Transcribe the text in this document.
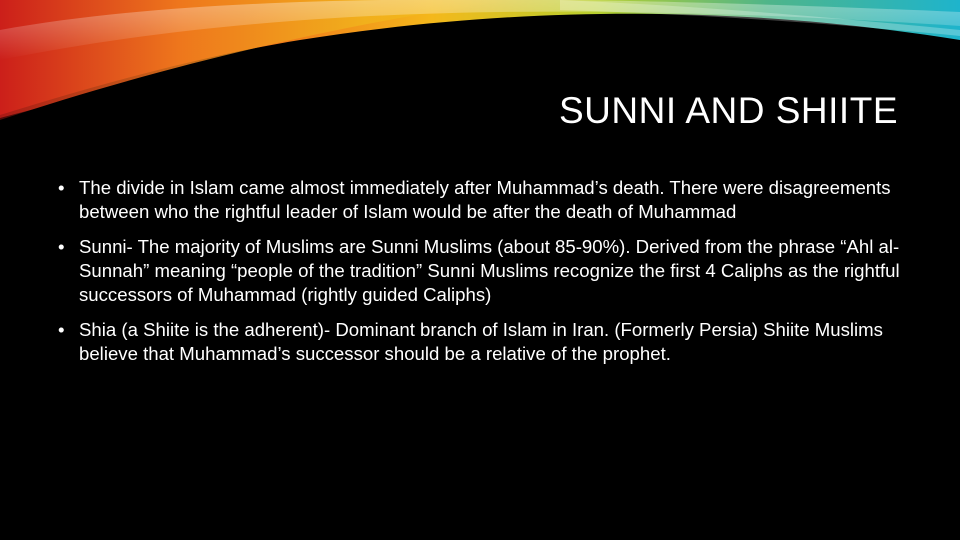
SUNNI AND SHIITE
• The divide in Islam came almost immediately after Muhammad’s death. There were disagreements between who the rightful leader of Islam would be after the death of Muhammad
• Sunni- The majority of Muslims are Sunni Muslims (about 85-90%). Derived from the phrase “Ahl al-Sunnah” meaning “people of the tradition” Sunni Muslims recognize the first 4 Caliphs as the rightful successors of Muhammad (rightly guided Caliphs)
• Shia (a Shiite is the adherent)- Dominant branch of Islam in Iran. (Formerly Persia) Shiite Muslims believe that Muhammad’s successor should be a relative of the prophet.
